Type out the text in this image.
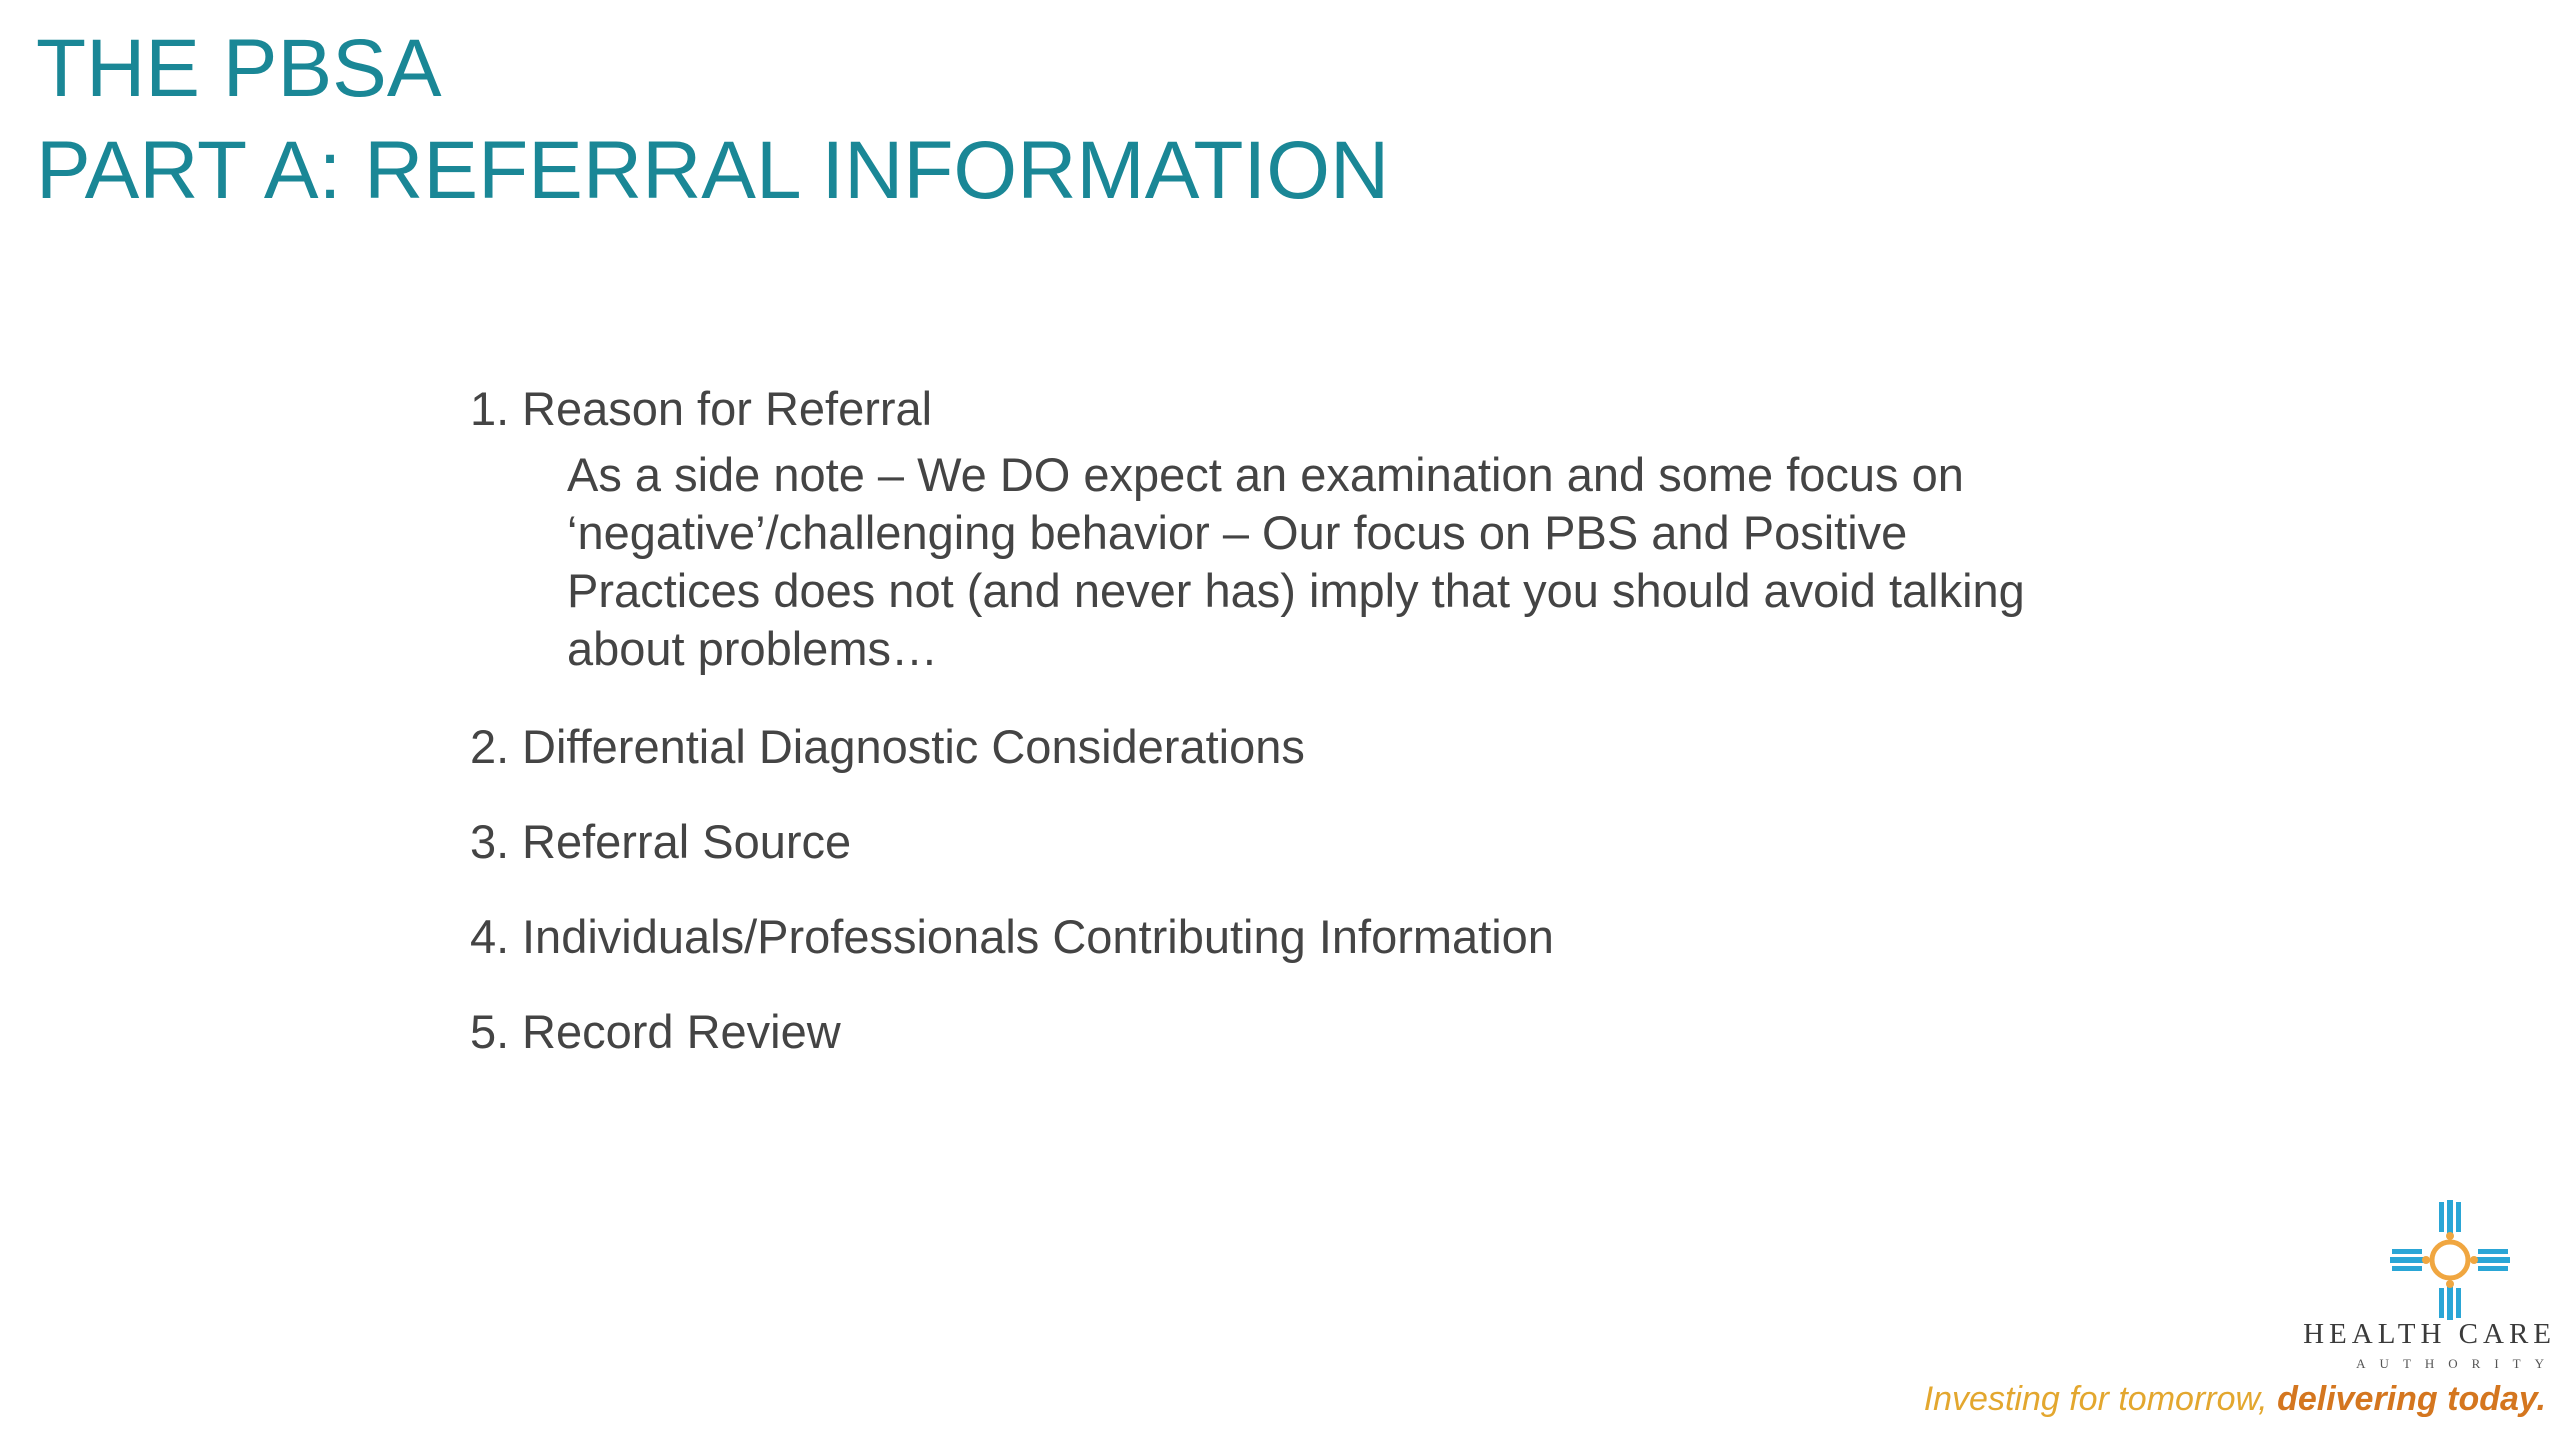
THE PBSA
PART A: REFERRAL INFORMATION
1. Reason for Referral
As a side note – We DO expect an examination and some focus on
‘negative’/challenging behavior – Our focus on PBS and Positive
Practices does not (and never has) imply that you should avoid talking
about problems…
2. Differential Diagnostic Considerations
3. Referral Source
4. Individuals/Professionals Contributing Information
5. Record Review
HEALTH CARE
AUTHORITY
Investing for tomorrow, delivering today.
